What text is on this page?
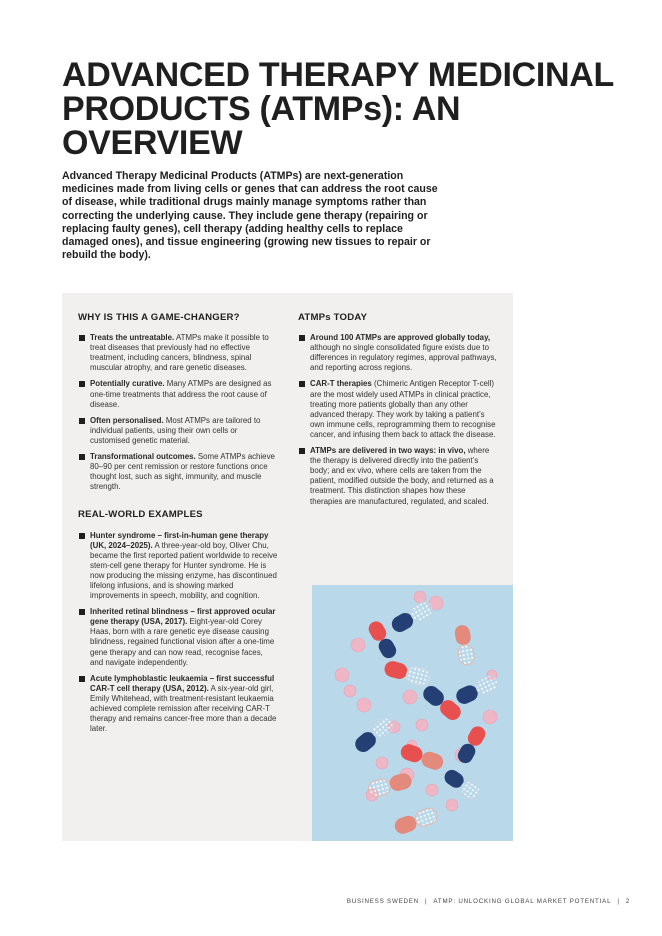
ADVANCED THERAPY MEDICINAL PRODUCTS (ATMPs): AN OVERVIEW

Advanced Therapy Medicinal Products (ATMPs) are next-generation medicines made from living cells or genes that can address the root cause of disease, while traditional drugs mainly manage symptoms rather than correcting the underlying cause. They include gene therapy (repairing or replacing faulty genes), cell therapy (adding healthy cells to replace damaged ones), and tissue engineering (growing new tissues to repair or rebuild the body).

WHY IS THIS A GAME-CHANGER?
Treats the untreatable. ATMPs make it possible to treat diseases that previously had no effective treatment, including cancers, blindness, spinal muscular atrophy, and rare genetic diseases.
Potentially curative. Many ATMPs are designed as one-time treatments that address the root cause of disease.
Often personalised. Most ATMPs are tailored to individual patients, using their own cells or customised genetic material.
Transformational outcomes. Some ATMPs achieve 80–90 per cent remission or restore functions once thought lost, such as sight, immunity, and muscle strength.
REAL-WORLD EXAMPLES
Hunter syndrome – first-in-human gene therapy (UK, 2024–2025). A three-year-old boy, Oliver Chu, became the first reported patient worldwide to receive stem-cell gene therapy for Hunter syndrome. He is now producing the missing enzyme, has discontinued lifelong infusions, and is showing marked improvements in speech, mobility, and cognition.
Inherited retinal blindness – first approved ocular gene therapy (USA, 2017). Eight-year-old Corey Haas, born with a rare genetic eye disease causing blindness, regained functional vision after a one-time gene therapy and can now read, recognise faces, and navigate independently.
Acute lymphoblastic leukaemia – first successful CAR-T cell therapy (USA, 2012). A six-year-old girl, Emily Whitehead, with treatment-resistant leukaemia achieved complete remission after receiving CAR-T therapy and remains cancer-free more than a decade later.
ATMPs TODAY
Around 100 ATMPs are approved globally today, although no single consolidated figure exists due to differences in regulatory regimes, approval pathways, and reporting across regions.
CAR-T therapies (Chimeric Antigen Receptor T-cell) are the most widely used ATMPs in clinical practice, treating more patients globally than any other advanced therapy. They work by taking a patient’s own immune cells, reprogramming them to recognise cancer, and infusing them back to attack the disease.
ATMPs are delivered in two ways: in vivo, where the therapy is delivered directly into the patient’s body; and ex vivo, where cells are taken from the patient, modified outside the body, and returned as a treatment. This distinction shapes how these therapies are manufactured, regulated, and scaled.
BUSINESS SWEDEN | ATMP: UNLOCKING GLOBAL MARKET POTENTIAL | 2
